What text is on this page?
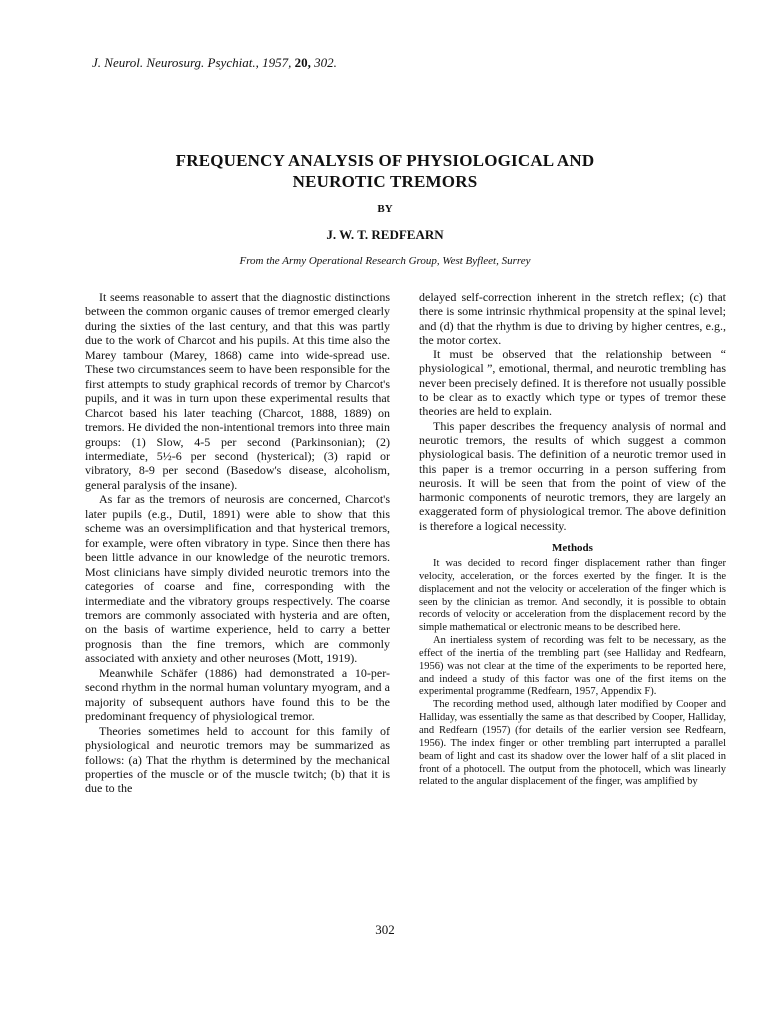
J. Neurol. Neurosurg. Psychiat., 1957, 20, 302.
FREQUENCY ANALYSIS OF PHYSIOLOGICAL AND
NEUROTIC TREMORS
BY
J. W. T. REDFEARN
From the Army Operational Research Group, West Byfleet, Surrey

It seems reasonable to assert that the diagnostic distinctions between the common organic causes of tremor emerged clearly during the sixties of the last century, and that this was partly due to the work of Charcot and his pupils. At this time also the Marey tambour (Marey, 1868) came into wide-spread use. These two circumstances seem to have been responsible for the first attempts to study graphical records of tremor by Charcot's pupils, and it was in turn upon these experimental results that Charcot based his later teaching (Charcot, 1888, 1889) on tremors. He divided the non-intentional tremors into three main groups: (1) Slow, 4-5 per second (Parkinsonian); (2) intermediate, 5½-6 per second (hysterical); (3) rapid or vibratory, 8-9 per second (Basedow's disease, alcoholism, general paralysis of the insane).

As far as the tremors of neurosis are concerned, Charcot's later pupils (e.g., Dutil, 1891) were able to show that this scheme was an oversimplification and that hysterical tremors, for example, were often vibratory in type. Since then there has been little advance in our knowledge of the neurotic tremors. Most clinicians have simply divided neurotic tremors into the categories of coarse and fine, corresponding with the intermediate and the vibratory groups respectively. The coarse tremors are commonly associated with hysteria and are often, on the basis of wartime experience, held to carry a better prognosis than the fine tremors, which are commonly associated with anxiety and other neuroses (Mott, 1919).

Meanwhile Schäfer (1886) had demonstrated a 10-per-second rhythm in the normal human voluntary myogram, and a majority of subsequent authors have found this to be the predominant frequency of physiological tremor.

Theories sometimes held to account for this family of physiological and neurotic tremors may be summarized as follows: (a) That the rhythm is determined by the mechanical properties of the muscle or of the muscle twitch; (b) that it is due to the

delayed self-correction inherent in the stretch reflex; (c) that there is some intrinsic rhythmical propensity at the spinal level; and (d) that the rhythm is due to driving by higher centres, e.g., the motor cortex.

It must be observed that the relationship between “ physiological ”, emotional, thermal, and neurotic trembling has never been precisely defined. It is therefore not usually possible to be clear as to exactly which type or types of tremor these theories are held to explain.

This paper describes the frequency analysis of normal and neurotic tremors, the results of which suggest a common physiological basis. The definition of a neurotic tremor used in this paper is a tremor occurring in a person suffering from neurosis. It will be seen that from the point of view of the harmonic components of neurotic tremors, they are largely an exaggerated form of physiological tremor. The above definition is therefore a logical necessity.

Methods

It was decided to record finger displacement rather than finger velocity, acceleration, or the forces exerted by the finger. It is the displacement and not the velocity or acceleration of the finger which is seen by the clinician as tremor. And secondly, it is possible to obtain records of velocity or acceleration from the displacement record by the simple mathematical or electronic means to be described here.

An inertialess system of recording was felt to be necessary, as the effect of the inertia of the trembling part (see Halliday and Redfearn, 1956) was not clear at the time of the experiments to be reported here, and indeed a study of this factor was one of the first items on the experimental programme (Redfearn, 1957, Appendix F).

The recording method used, although later modified by Cooper and Halliday, was essentially the same as that described by Cooper, Halliday, and Redfearn (1957) (for details of the earlier version see Redfearn, 1956). The index finger or other trembling part interrupted a parallel beam of light and cast its shadow over the lower half of a slit placed in front of a photocell. The output from the photocell, which was linearly related to the angular displacement of the finger, was amplified by

302
